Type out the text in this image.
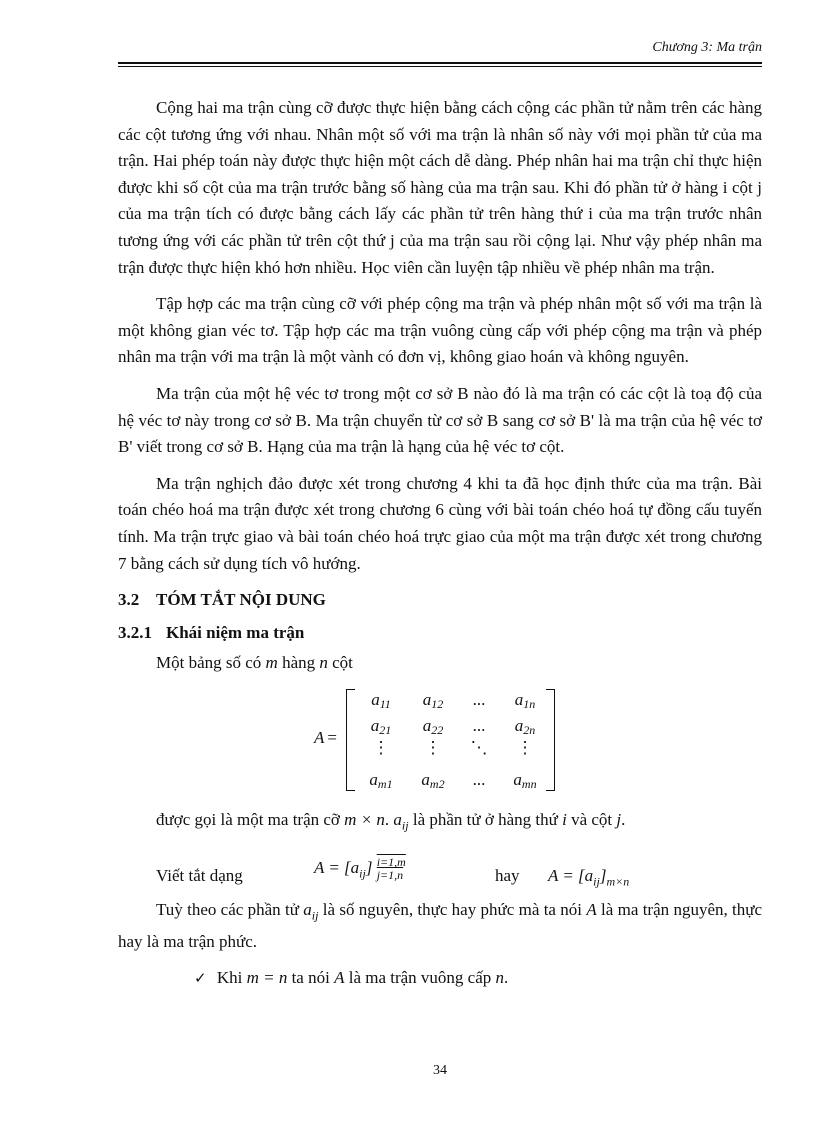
Chương 3: Ma trận

Cộng hai ma trận cùng cỡ được thực hiện bằng cách cộng các phần tử nằm trên các hàng các cột tương ứng với nhau. Nhân một số với ma trận là nhân số này với mọi phần tử của ma trận. Hai phép toán này được thực hiện một cách dễ dàng. Phép nhân hai ma trận chỉ thực hiện được khi số cột của ma trận trước bằng số hàng của ma trận sau. Khi đó phần tử ở hàng i cột j của ma trận tích có được bằng cách lấy các phần tử trên hàng thứ i của ma trận trước nhân tương ứng với các phần tử trên cột thứ j của ma trận sau rồi cộng lại. Như vậy phép nhân ma trận được thực hiện khó hơn nhiều. Học viên cần luyện tập nhiều về phép nhân ma trận.

Tập hợp các ma trận cùng cỡ với phép cộng ma trận và phép nhân một số với ma trận là một không gian véc tơ. Tập hợp các ma trận vuông cùng cấp với phép cộng ma trận và phép nhân ma trận với ma trận là một vành có đơn vị, không giao hoán và không nguyên.

Ma trận của một hệ véc tơ trong một cơ sở B nào đó là ma trận có các cột là toạ độ của hệ véc tơ này trong cơ sở B. Ma trận chuyển từ cơ sở B sang cơ sở B' là ma trận của hệ véc tơ B' viết trong cơ sở B. Hạng của ma trận là hạng của hệ véc tơ cột.

Ma trận nghịch đảo được xét trong chương 4 khi ta đã học định thức của ma trận. Bài toán chéo hoá ma trận được xét trong chương 6 cùng với bài toán chéo hoá tự đồng cấu tuyến tính. Ma trận trực giao và bài toán chéo hoá trực giao của một ma trận được xét trong chương 7 bằng cách sử dụng tích vô hướng.

3.2 TÓM TẮT NỘI DUNG
3.2.1 Khái niệm ma trận
Một bảng số có m hàng n cột
A =
$a_{11}$	$a_{12}$	...	$a_{1n}$
$a_{21}$	$a_{22}$	...	$a_{2n}$
⋮	⋮	⋱	⋮
$a_{m1}$	$a_{m2}$	...	$a_{mn}$
được gọi là một ma trận cỡ m × n. $a_{ij}$ là phần tử ở hàng thứ i và cột j.
Viết tắt dạng	$A = [a_{ij}] \frac{i=1,m}{j=1,n}$	hay $A = [a_{ij}]_{m\times n}$

Tuỳ theo các phần tử $a_{ij}$ là số nguyên, thực hay phức mà ta nói A là ma trận nguyên, thực hay là ma trận phức.

✓ Khi m = n ta nói A là ma trận vuông cấp n.
34
